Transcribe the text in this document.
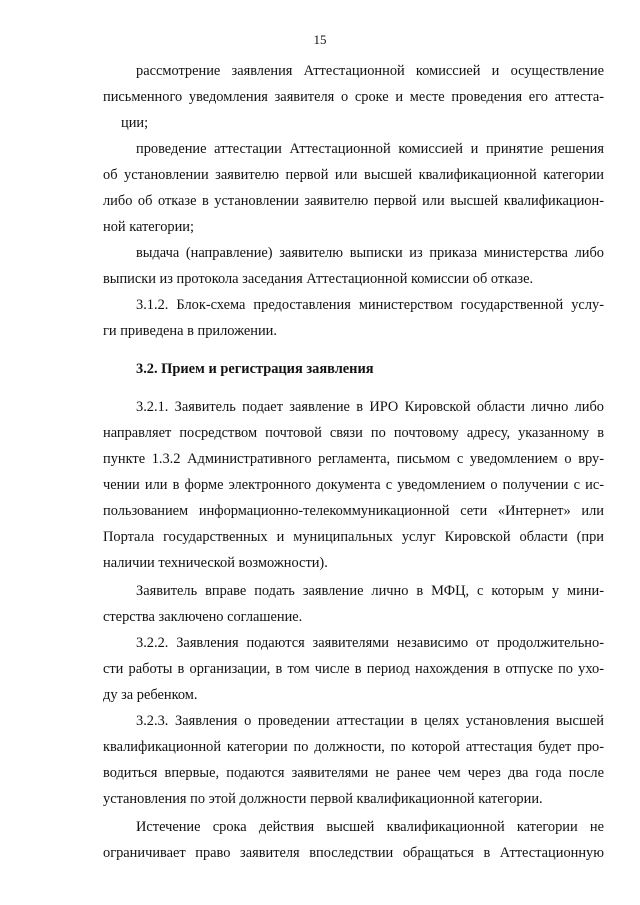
15
рассмотрение заявления Аттестационной комиссией и осуществление
письменного уведомления заявителя о сроке и месте проведения его аттеста-
ции;
проведение аттестации Аттестационной комиссией и принятие решения
об установлении заявителю первой или высшей квалификационной категории
либо об отказе в установлении заявителю первой или высшей квалификацион-
ной категории;
выдача (направление) заявителю выписки из приказа министерства либо
выписки из протокола заседания Аттестационной комиссии об отказе.
3.1.2. Блок-схема предоставления министерством государственной услу-
ги приведена в приложении.
3.2. Прием и регистрация заявления
3.2.1. Заявитель подает заявление в ИРО Кировской области лично либо
направляет посредством почтовой связи по почтовому адресу, указанному в
пункте 1.3.2 Административного регламента, письмом с уведомлением о вру-
чении или в форме электронного документа с уведомлением о получении с ис-
пользованием информационно-телекоммуникационной сети «Интернет» или
Портала государственных и муниципальных услуг Кировской области (при
наличии технической возможности).
Заявитель вправе подать заявление лично в МФЦ, с которым у мини-
стерства заключено соглашение.
3.2.2. Заявления подаются заявителями независимо от продолжительно-
сти работы в организации, в том числе в период нахождения в отпуске по ухо-
ду за ребенком.
3.2.3. Заявления о проведении аттестации в целях установления высшей
квалификационной категории по должности, по которой аттестация будет про-
водиться впервые, подаются заявителями не ранее чем через два года после
установления по этой должности первой квалификационной категории.
Истечение срока действия высшей квалификационной категории не
ограничивает право заявителя впоследствии обращаться в Аттестационную
